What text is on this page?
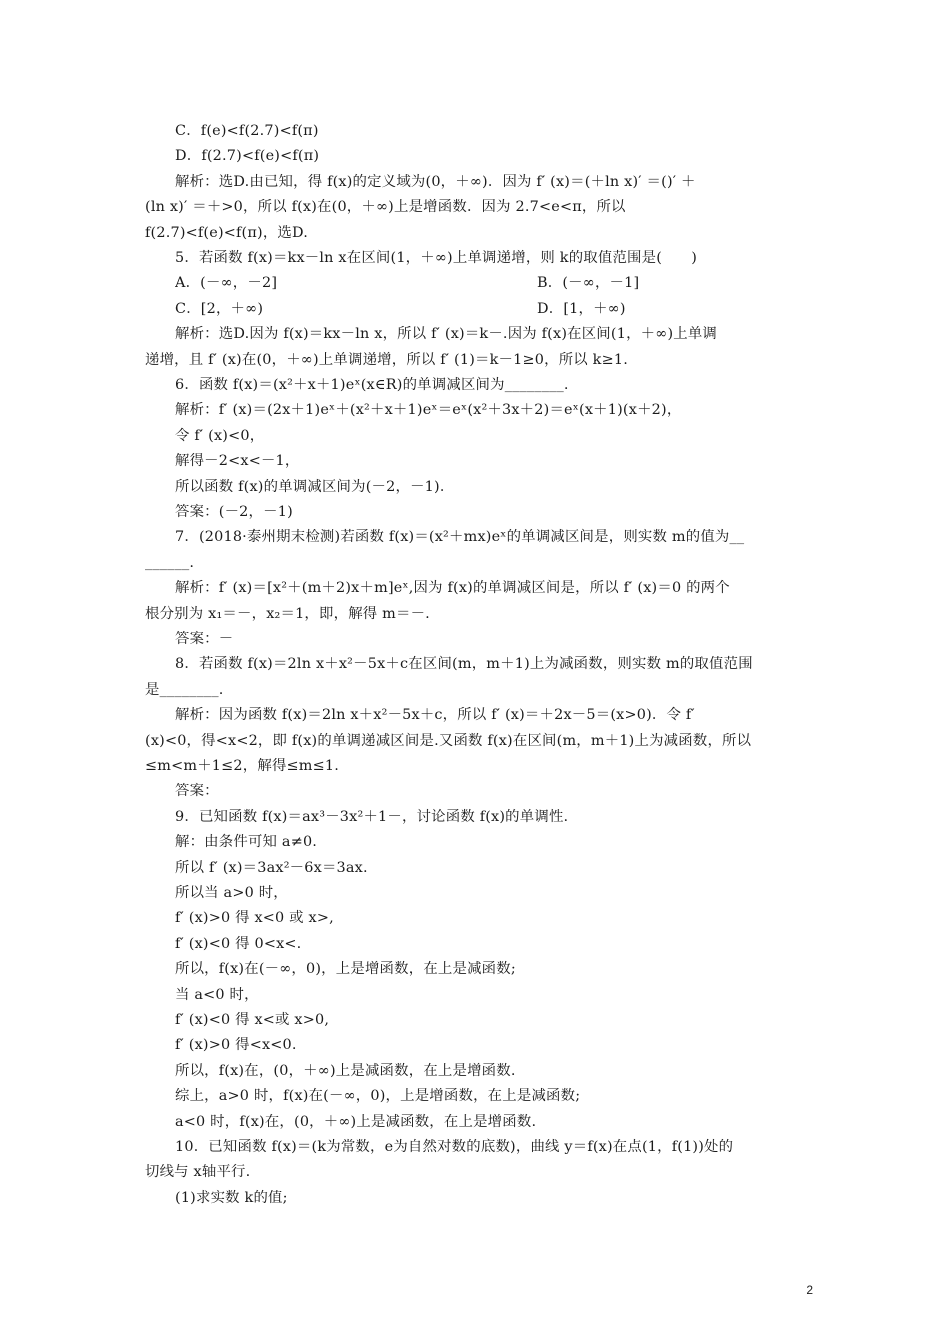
C．f(e)<f(2.7)<f(π)
D．f(2.7)<f(e)<f(π)
解析：选D.由已知，得 f(x)的定义域为(0，＋∞)．因为 f′ (x)＝(＋ln x)′ ＝()′ ＋
(ln x)′ ＝＋>0，所以 f(x)在(0，＋∞)上是增函数．因为 2.7<e<π，所以
f(2.7)<f(e)<f(π)，选D.
5．若函数 f(x)＝kx－ln x在区间(1，＋∞)上单调递增，则 k的取值范围是(　　)
A．(－∞，－2]	B．(－∞，－1]
C．[2，＋∞)	D．[1，＋∞)
解析：选D.因为 f(x)＝kx－ln x，所以 f′ (x)＝k－.因为 f(x)在区间(1，＋∞)上单调
递增，且 f′ (x)在(0，＋∞)上单调递增，所以 f′ (1)＝k－1≥0，所以 k≥1.
6．函数 f(x)＝(x²＋x＋1)eˣ(x∈R)的单调减区间为________.
解析：f′ (x)＝(2x＋1)eˣ＋(x²＋x＋1)eˣ＝eˣ(x²＋3x＋2)＝eˣ(x＋1)(x＋2)，
令 f′ (x)<0，
解得－2<x<－1，
所以函数 f(x)的单调减区间为(－2，－1)．
答案：(－2，－1)
7．(2018·泰州期末检测)若函数 f(x)＝(x²＋mx)eˣ的单调减区间是，则实数 m的值为__
______.
解析：f′ (x)＝[x²＋(m＋2)x＋m]eˣ,因为 f(x)的单调减区间是，所以 f′ (x)＝0 的两个
根分别为 x₁＝－，x₂＝1，即，解得 m＝－.
答案：－
8．若函数 f(x)＝2ln x＋x²－5x＋c在区间(m，m＋1)上为减函数，则实数 m的取值范围
是________.
解析：因为函数 f(x)＝2ln x＋x²－5x＋c，所以 f′ (x)＝＋2x－5＝(x>0)．令 f′
(x)<0，得<x<2，即 f(x)的单调递减区间是.又函数 f(x)在区间(m，m＋1)上为减函数，所以
≤m<m＋1≤2，解得≤m≤1.
答案：
9．已知函数 f(x)＝ax³－3x²＋1－，讨论函数 f(x)的单调性.
解：由条件可知 a≠0.
所以 f′ (x)＝3ax²－6x＝3ax.
所以当 a>0 时，
f′ (x)>0 得 x<0 或 x>,
f′ (x)<0 得 0<x<.
所以，f(x)在(－∞，0)，上是增函数，在上是减函数;
当 a<0 时，
f′ (x)<0 得 x<或 x>0,
f′ (x)>0 得<x<0.
所以，f(x)在，(0，＋∞)上是减函数，在上是增函数.
综上，a>0 时，f(x)在(－∞，0)，上是增函数，在上是减函数;
a<0 时，f(x)在，(0，＋∞)上是减函数，在上是增函数.
10．已知函数 f(x)＝(k为常数，e为自然对数的底数)，曲线 y＝f(x)在点(1，f(1))处的
切线与 x轴平行.
(1)求实数 k的值;
2
